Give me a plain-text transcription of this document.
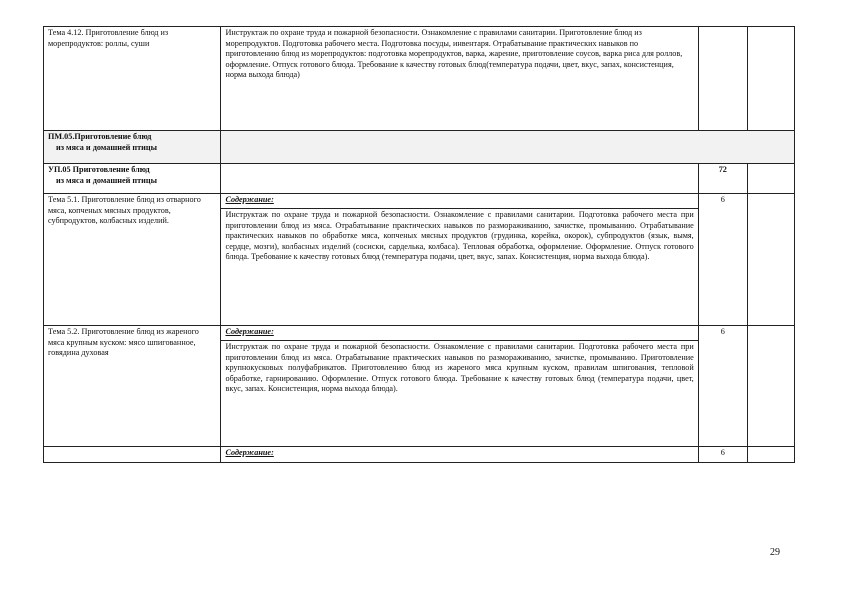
Тема 4.12. Приготовление блюд из морепродуктов: роллы, суши	Инструктаж по охране труда и пожарной безопасности. Ознакомление с правилами санитарии. Приготовление блюд из морепродуктов. Подготовка рабочего места. Подготовка посуды, инвентаря. Отрабатывание практических навыков по приготовлению блюд из морепродуктов: подготовка морепродуктов, варка, жарение, приготовление соусов, варка риса для роллов, оформление. Отпуск готового блюда. Требование к качеству готовых блюд(температура подачи, цвет, вкус, запах, консистенция, норма выхода блюда)		

ПМ.05.Приготовление блюд
из мяса и домашней птицы			

УП.05 Приготовление блюд
из мяса и домашней птицы		72	
Тема 5.1. Приготовление блюд из отварного мяса, копченых мясных продуктов, субпродуктов, колбасных изделий.	Содержание:	6	
	Инструктаж по охране труда и пожарной безопасности. Ознакомление с правилами санитарии. Подготовка рабочего места при приготовлении блюд из мяса. Отрабатывание практических навыков по размораживанию, зачистке, промыванию. Отрабатывание практических навыков по обработке мяса, копченых мясных продуктов (грудинка, корейка, окорок), субпродуктов (язык, вымя, сердце, мозги), колбасных изделий (сосиски, сарделька, колбаса). Тепловая обработка, оформление. Оформление. Отпуск готового блюда. Требование к качеству готовых блюд (температура подачи, цвет, вкус, запах. Консистенция, норма выхода блюда).		
Тема 5.2. Приготовление блюд из жареного мяса крупным куском: мясо шпигованное, говядина духовая	Содержание:	6	
	Инструктаж по охране труда и пожарной безопасности. Ознакомление с правилами санитарии. Подготовка рабочего места при приготовлении блюд из мяса. Отрабатывание практических навыков по размораживанию, зачистке, промыванию. Приготовление крупнокусковых полуфабрикатов. Приготовлению блюд из жареного мяса крупным куском, правилам шпигования, тепловой обработке, гарнированию. Оформление. Отпуск готового блюда. Требование к качеству готовых блюд (температура подачи, цвет, вкус, запах. Консистенция, норма выхода блюда).		
	Содержание:	6	
29
